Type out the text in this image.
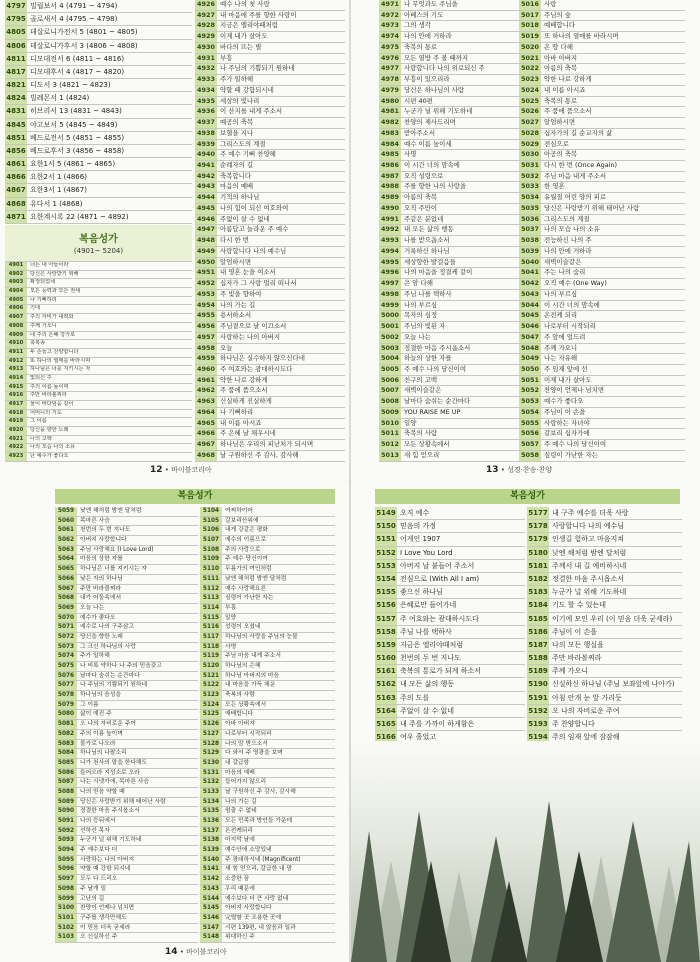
4797 빌립보서 4 (4791 ~ 4794)
4795 골로새서 4 (4795 ~ 4798)
4805 데살로니가전서 5 (4801 ~ 4805)
4806 데살로니가후서 3 (4806 ~ 4808)
4811 디모데전서 6 (4811 ~ 4816)
4817 디모데후서 4 (4817 ~ 4820)
4821 디도서 3 (4821 ~ 4823)
4824 빌레몬서 1 (4824)
4831 히브리서 13 (4831 ~ 4843)
4845 야고보서 5 (4845 ~ 4849)
4851 베드로전서 5 (4851 ~ 4855)
4856 베드로후서 3 (4856 ~ 4858)
4861 요한1서 5 (4861 ~ 4865)
4866 요한2서 1 (4866)
4867 요한3서 1 (4867)
4868 유다서 1 (4868)
4871 요한계시록 22 (4871 ~ 4892)
복음성가
(4901~ 5204)
4901	너는 내 아들이라
4902	당신은 사랑받기 위해
4903	확정되었네
4904	모든 능력과 모든 권세
4905	나 기뻐하리
4906	기대
4907	주의 자비가 내려와
4908	주께 가오니
4909	내 주의 은혜 강가로
4910	축복송
4911	두 손들고 찬양합니다
4912	또 하나의 열매를 바라시며
4913	하나님은 너를 지키시는 자
4914	빛되신 주
4915	주의 이름 높이며
4916	주만 바라볼찌라
4917	물이 바다덮음 같이
4918	어머니의 기도
4919	그 이름
4920	당신을 향한 노래
4921	나의 고백
4922	나의 모습 나의 소유
4923	난 예수가 좋다오
4926 예수 나의 첫 사랑
4927 내 마음에 주를 향한 사랑이
4928 지금은 엘리야때처럼
4929 이제 내가 살아도
4930 바다의 뜨는 별
4931 부흥
4932 나 주님의 기쁨되기 원하네
4933 주가 일하해
4934 약할 때 강함되시네
4935 세상의 빛나리
4936 이 산지를 내게 주소서
4937 예공의 축복
4938 보혈을 지나
4939 그리스도의 계절
4940 주 예수 기뻐 찬양해
4941 순례자의 길
4942 축복합니다
4943 마음의 예배
4944 기적의 하나님
4945 나의 힘이 되신 여호와여
4946 주없이 살 수 없네
4947 아름답고 놀라운 주 예수
4948 다시 한 번
4949 사랑합니다 나의 예수님
4950 알엄하시면
4951 내 영혼 눈을 여소서
4952 십자가 그 사랑 멀리 떠나서
4953 주 빛을 향하여
4954 나의 가는 길
4955 용서하소서
4956 주님곁으로 날 이끄소서
4957 사랑하는 나의 아버지
4958 오늘
4959 하나님은 실수하지 않으신다네
4960 주 여호와는 광대하시도다
4961 약한 나로 강하게
4962 주 품에 품으소서
4963 신실하게 진실하게
4964 나 기뻐하리
4965 내 이름 아시죠
4966 주 은혜 날 채우시네
4967 하나님은 우리의 피난처가 되시며
4968 날 구원하신 주 감사, 감사해
12 • 바이블코리아
4971 나 무엇과도 주님을
4972 아베스의 기도
4973 그의 생각
4974 나의 안에 거하라
4975 축복의 통로
4976 모든 열방 주 볼 때까지
4977 사랑합니다 나의 위로되신 주
4978 부흥이 있으리라
4979 당신은 하나님의 사람
4980 시편 40편
4981 누군가 널 위해 기도하네
4982 찬양의 제사드리며
4983 받아주소서
4984 예수 이름 높이세
4985 사명
4986 이 시간 너의 맘속에
4987 오직 성령으로
4988 주를 향한 나의 사랑을
4989 아름의 축복
4990 오직 주만이
4991 주같은 분없네
4992 내 모든 삶의 행동
4993 나를 받으옵소서
4994 거룩하신 하나님
4995 세상향한 발걸음들
4996 나의 마음을 정결케 같이
4997 은 암 다해
4998 주님 나를 택하사
4999 나의 부르심
5000 목자의 심정
5001 주님의 빛된 자
5002 오늘 나는
5003 정결한 마음 주시옵소서
5004 하늘의 상한 자를
5005 주 예수 나의 당신이여
5006 친구의 고백
5007 새벽이슬같은
5008 날마다 숨쉬는 순간마다
5009 YOU RAISE ME UP
5010 일양
5011 축복의 사람
5012 모든 상황속에서
5013 새 힘 얻으리
5016 사랑
5017 주님의 숲
5018 예배합니다
5019 또 하나의 열매를 바라시며
5020 온 땅 다해
5021 아바 아버지
5022 아름의 축복
5023 약한 나로 강하게
5024 내 이름 아시죠
5025 축복의 통로
5026 주 품에 품으소서
5027 알엄하시면
5028 십자가의 길 순교자의 삶
5029 전심으로
5030 아공의 축복
5031 다시 한 번 (Once Again)
5032 주님 마음 내게 주소서
5033 한 영혼
5034 유월절 어린 양의 피로
5035 당신은 사랑받기 위해 태어난 사람
5036 그리스도의 계절
5037 나의 모습 나의 소유
5038 전능하신 나의 주
5039 나의 안에 거하라
5040 새벽이슬같은
5041 주는 나의 숨리
5042 오직 예수 (One Way)
5043 나의 부르심
5044 이 시간 너의 맘속에
5045 온전케 되리
5046 나로부터 시작되리
5047 주 앞에 엎드려
5048 주께 가오니
5049 나는 자유해
5050 주 임재 앞에 선
5051 이제 내가 살아도
5052 찬양이 언제나 넘치면
5053 예수가 좋다오
5054 주님이 이 손을
5055 사랑하는 자녀야
5056 갈보리 십자가에
5057 주 예수 나의 당신이여
5058 심령이 가난한 자는
13 • 성경·찬송·찬양
복음성가
5059	낮엔 해처럼 밤엔 달처럼
5060	목마른 사슴
5061	천번의 두 번 지나도
5062	아버지 사랑합니다
5063	주님 사랑해요 (I Love Lord)
5064	마음의 상한 자를
5065	하나님은 너를 지키시는 자
5066	낮은 자의 하나님
5067	주만 바라볼찌라
5068	내가 어둠속에서
5069	오늘 나는
5070	예수가 좋다오
5071	예수로 나의 구주삼고
5072	당신을 향한 노래
5073	그 크신 하나님의 사랑
5074	주가 일하해
5075	나 비록 약하나 나 주의 믿음갖고
5076	날마다 숨쉬는 순간마다
5077	나 주님의 기쁨되기 원하네
5078	하나님의 음성을
5079	그 이름
5080	삶이 예진 주
5081	오 나의 자비로운 주여
5082	주의 이름 높이며
5083	물가로 나오라
5084	하나님의 나팔소리
5085	나가 천사의 말을 한다해도
5086	들어오라 지성소로 오라
5087	나는 시냇가에, 목마른 사슴
5088	나의 믿음 약할 때
5089	당신은 사랑받기 위해 태어난 사람
5090	정결한 마음 주시옵소서
5091	나의 등뒤에서
5092	선하신 목자
5093	누군가 널 위해 기도하네
5094	주 예수보다 더
5095	사랑하는 나의 아버지
5096	약할 때 강함 되시네
5097	모두 다 드리오
5098	주 날개 밑
5099	고난의 길
5100	찬양이 언제나 넘치면
5101	구주를 생각만해도
5102	이 믿음 더욱 굳세라
5103	오 신실하신 주
5104	여찌하이어
5105	갈보리산위에
5106	내게 강같은 평화
5107	예수의 이름으로
5108	주의 사랑으로
5109	주 예수 당신이여
5110	무릎가의 여인처럼
5111	낮엔 해처럼 밤엔 달처럼
5112	예수 사랑해요른
5113	심령이 가난한 자는
5114	부흥
5115	일양
5116	성령이 오셨네
5117	하나님의 사랑을 주님의 눈물
5118	사명
5119	주님 마음 내게 주소서
5120	하나님의 은혜
5121	하나님 아버지의 마음
5122	내 마음을 가득 채운
5123	축복의 사람
5124	모든 상황속에서
5125	예배합니다
5126	아바 아버지
5127	나로부터 시작되리
5128	나의 맘 받으소서
5129	다 와서 주 영광을 보며
5130	내 갈급함
5131	마음의 예배
5132	들어가지 않으리
5133	날 구원하신 주 감사, 감사해
5134	나의 가는 길
5135	멈출 수 없네
5136	모든 민족과 방언들 가운데
5137	온전케되리
5138	마지막 날에
5139	예수안에 소망있네
5140	주 광대하시네 (Magnificent)
5141	새 힘 얻으리, 갈급한 내 맘
5142	소중한 꿈
5143	우리 때문에
5144	예수보다 더 큰 사랑 없네
5145	아버지 사랑합니다
5146	完렬할 곳 조용한 곳에
5147	시편 139편, 내 앉음과 일과
5148	위대하신 주
14 • 바이블코리아
복음성가
5149 오직 예수
5150 믿음의 가정
5151 어게인 1907
5152 I Love You Lord
5153 아버지 날 붙들어 주소서
5154 전심으로 (With All I am)
5155 좋으신 하나님
5156 은혜로만 들어가네
5157 주 여호와는 광대하시도다
5158 주님 나를 택하사
5159 지금은 엘리야때처럼
5160 천번의 두 번 지나도
5161 축복의 통로가 되게 하소서
5162 내 모든 삶의 행동
5163 주의 도를
5164 주없이 살 수 없네
5165 내 주를 가까이 하게함은
5166 여우 흘었고
5177 내 구주 예수를 더욱 사랑
5178 사랑합니다 나의 예수님
5179 인생길 험하고 마음지쳐
5180 낮엔 해처럼 밤엔 달처럼
5181 주께서 내 길 예비하시네
5182 정결한 마음 주시옵소서
5183 누군가 널 위해 기도하네
5184 기도 할 수 있는데
5185 이기에 모인 우리 (이 믿음 더욱 굳세라)
5186 주님이 이 손을
5187 나의 모든 행실을
5188 주만 바라볼찌라
5189 주께 가오니
5190 신실하신 하나님 (주님 보좌앞에 나아가)
5191 아침 안개 눈 앞 가리듯
5192 오 나의 자비로운 주여
5193 주 찬양합니다
5194 주의 임재 앞에 잠잠해
